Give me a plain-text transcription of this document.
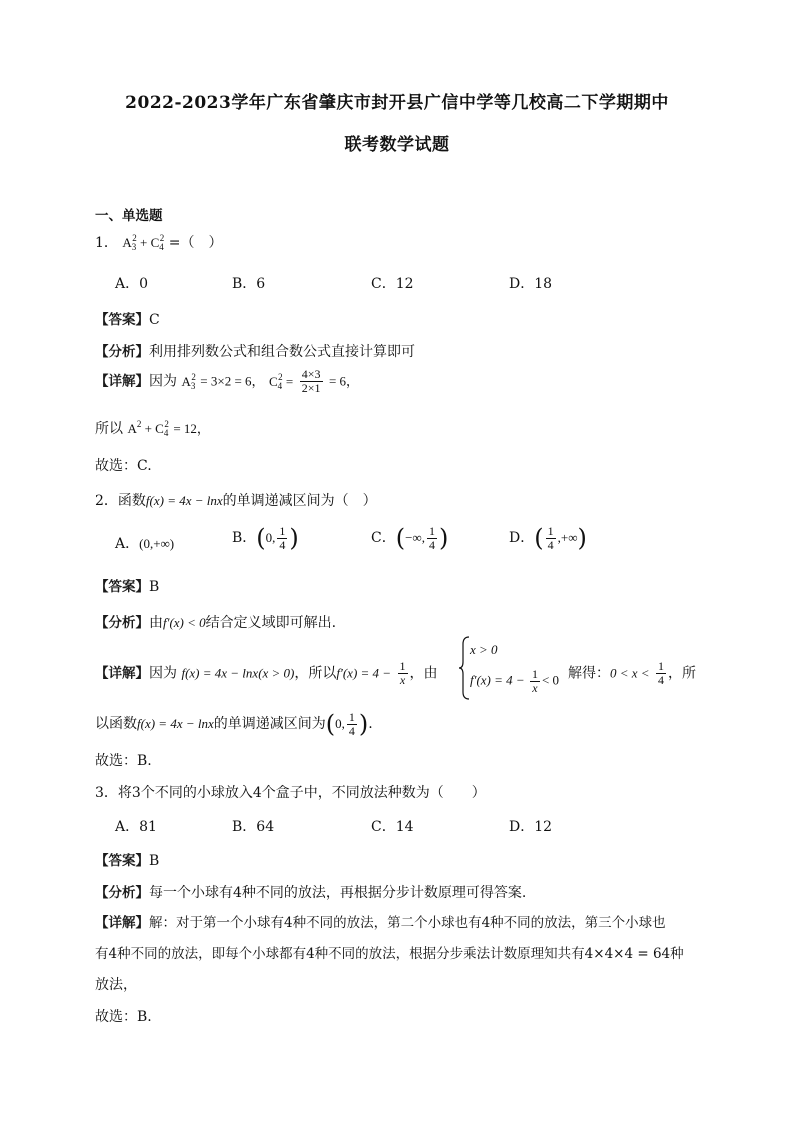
2022-2023学年广东省肇庆市封开县广信中学等几校高二下学期期中
联考数学试题
一、单选题
1． $A_3^2 + C_4^2$ =（　）
A．0	B．6	C．12	D．18
【答案】C
【分析】利用排列数公式和组合数公式直接计算即可
【详解】因为 $A_3^2 = 3\times 2 = 6$， $C_4^2 = \frac{4\times 3}{2\times 1} = 6$，
所以 $A^2 + C_4^2 = 12$，
故选：C.
2．函数f(x) = 4x − lnx的单调递减区间为（　）
A．(0,+∞)	B．(0, $\frac{1}{4}$ )	C．(−∞, $\frac{1}{4}$ )	D．( $\frac{1}{4}$ ,+∞)
【答案】B
【分析】由f′(x) < 0结合定义域即可解出.
【详解】因为 f(x) = 4x − lnx(x > 0)，所以$f'(x) = 4 - \frac{1}{x}$ ，由
x > 0
$f'(x) = 4 - \frac{1}{x} < 0$ 解得：$0 < x < \frac{1}{4}$ ，所
以函数f(x) = 4x − lnx的单调递减区间为(0, $\frac{1}{4}$ ).
故选：B.
3．将3个不同的小球放入4个盒子中，不同放法种数为（　　）
A．81	B．64	C．14	D．12
【答案】B
【分析】每一个小球有4种不同的放法，再根据分步计数原理可得答案.
【详解】解：对于第一个小球有4种不同的放法，第二个小球也有4种不同的放法，第三个小球也
有4种不同的放法，即每个小球都有4种不同的放法，根据分步乘法计数原理知共有4×4×4 = 64种
放法，
故选：B.
